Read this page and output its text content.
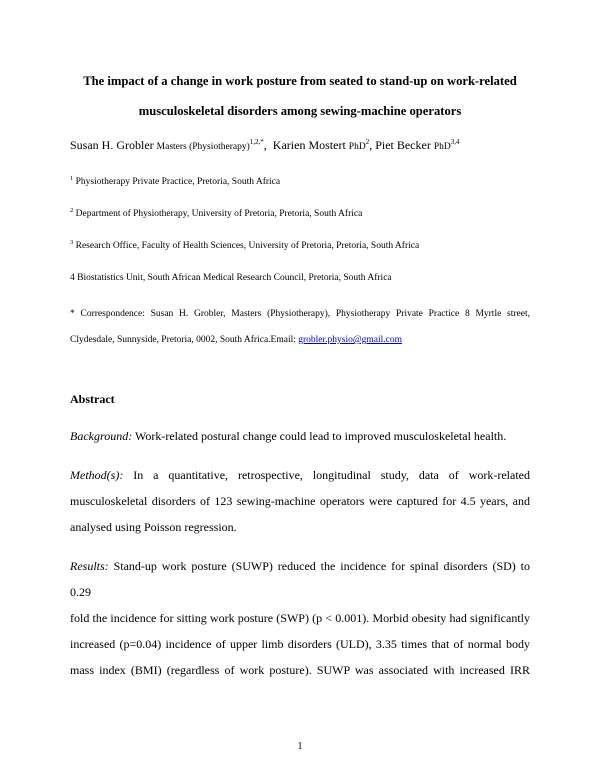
The impact of a change in work posture from seated to stand-up on work-related
musculoskeletal disorders among sewing-machine operators
Susan H. Grobler Masters (Physiotherapy)$^{1,2,*}$,  Karien Mostert PhD$^2$, Piet Becker PhD$^{3,4}$
$^1$ Physiotherapy Private Practice, Pretoria, South Africa
$^2$ Department of Physiotherapy, University of Pretoria, Pretoria, South Africa
$^3$ Research Office, Faculty of Health Sciences, University of Pretoria, Pretoria, South Africa
4 Biostatistics Unit, South African Medical Research Council, Pretoria, South Africa
* Correspondence: Susan H. Grobler, Masters (Physiotherapy), Physiotherapy Private Practice 8 Myrtle street,
Clydesdale, Sunnyside, Pretoria, 0002, South Africa.Email: grobler.physio@gmail.com
Abstract
Background: Work-related postural change could lead to improved musculoskeletal health.
Method(s): In a quantitative, retrospective, longitudinal study, data of work-related
musculoskeletal disorders of 123 sewing-machine operators were captured for 4.5 years, and
analysed using Poisson regression.
Results: Stand-up work posture (SUWP) reduced the incidence for spinal disorders (SD) to 0.29
fold the incidence for sitting work posture (SWP) (p < 0.001). Morbid obesity had significantly
increased (p=0.04) incidence of upper limb disorders (ULD), 3.35 times that of normal body
mass index (BMI) (regardless of work posture). SUWP was associated with increased IRR
1
